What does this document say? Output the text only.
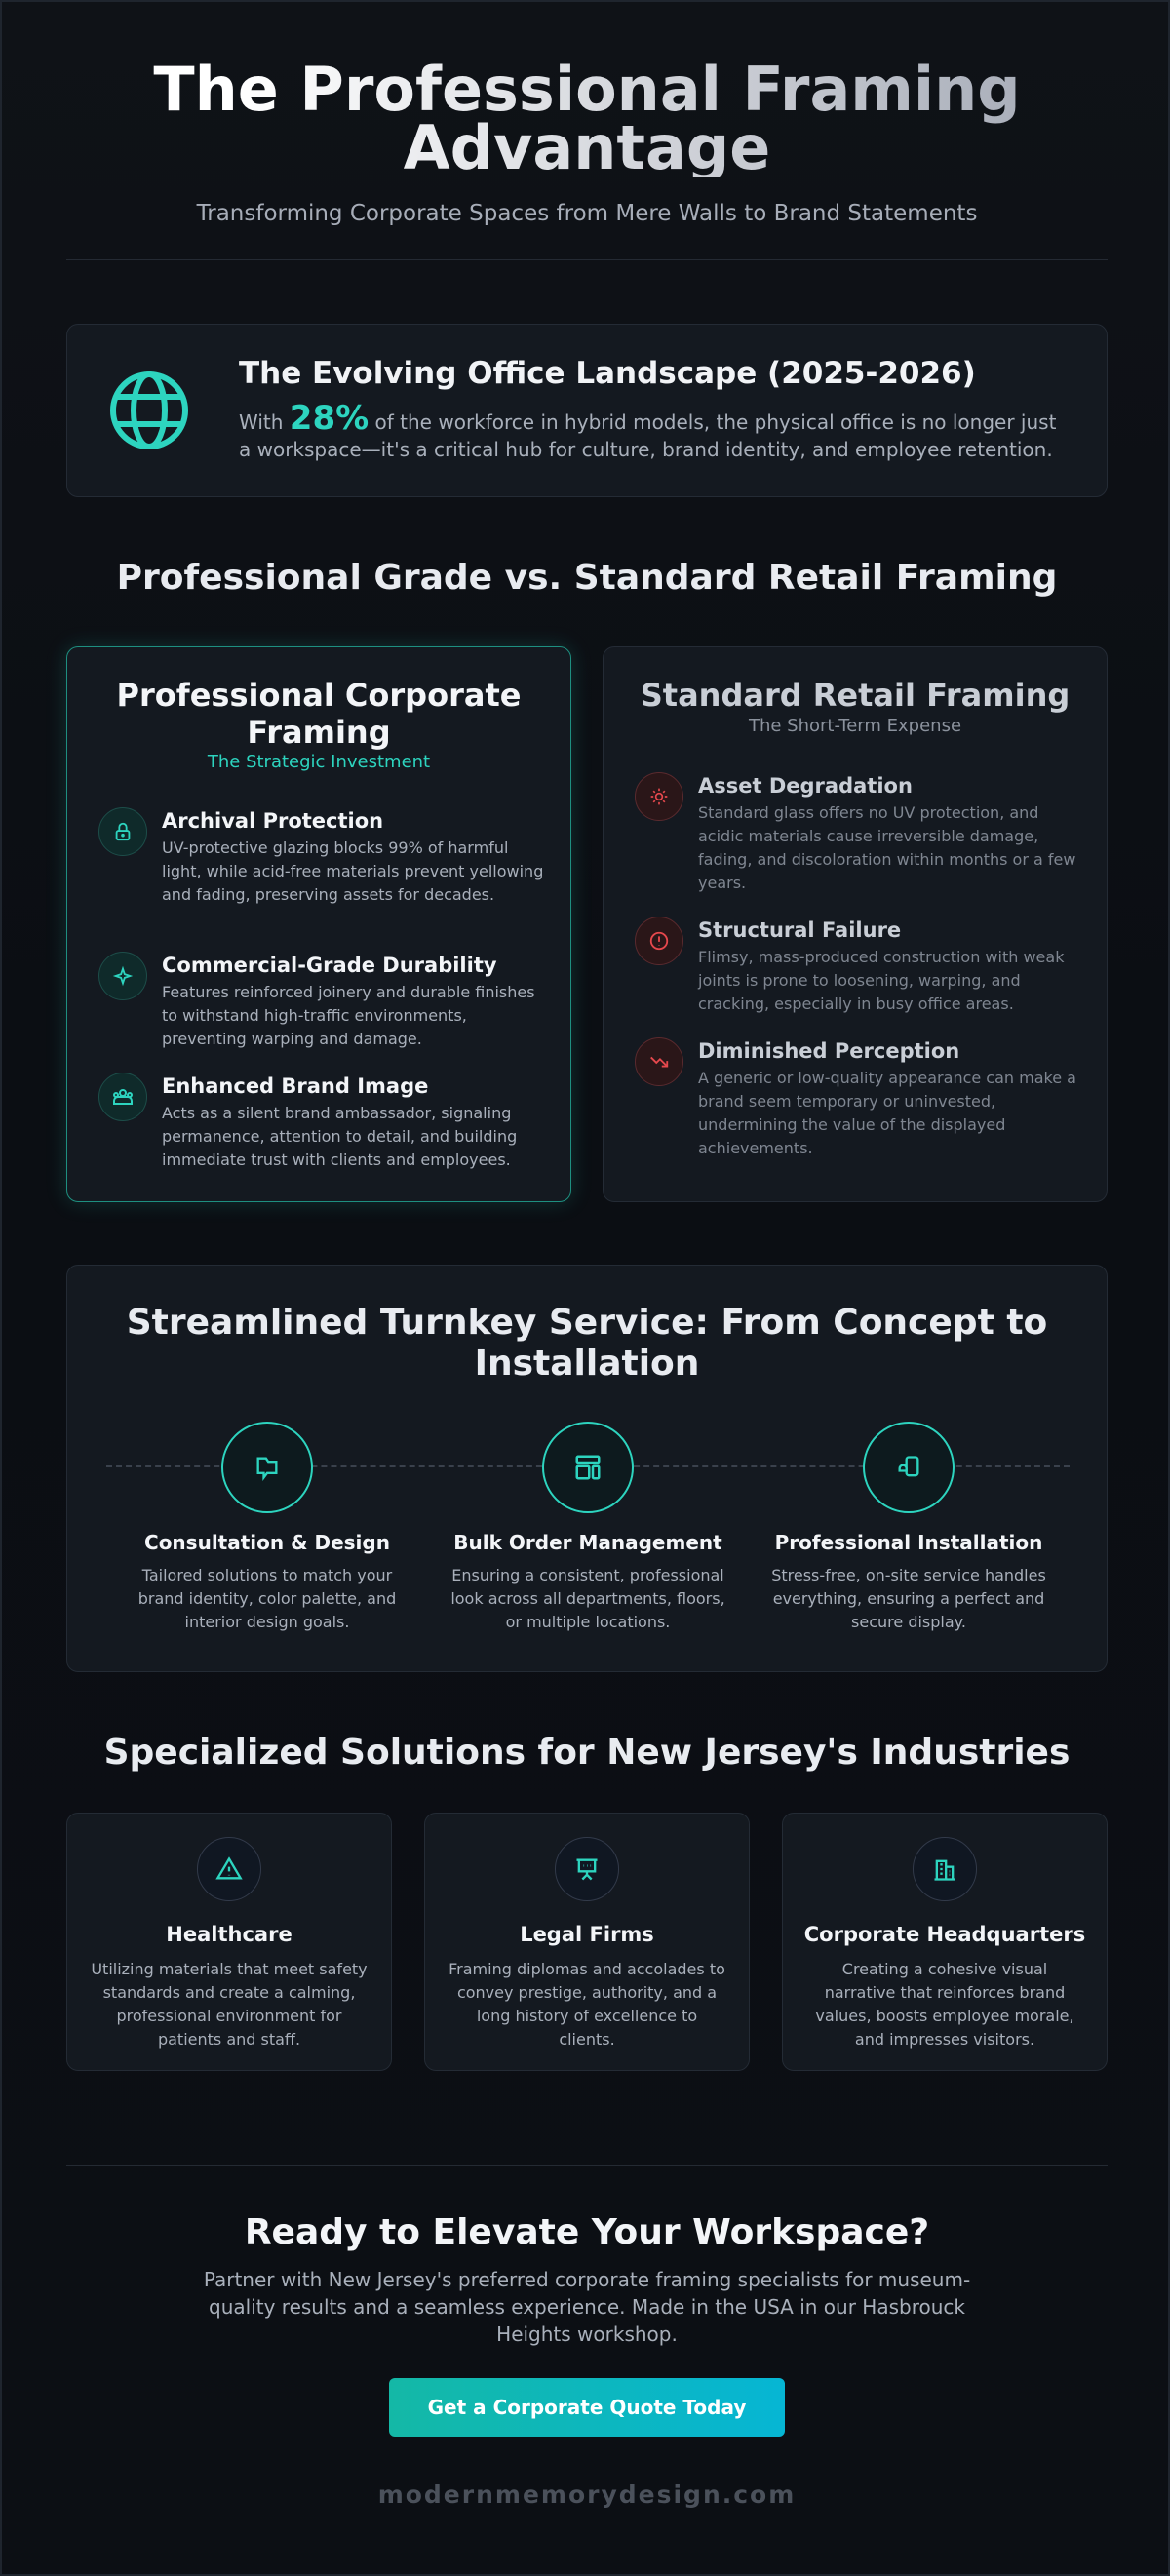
The Professional Framing
Advantage

Transforming Corporate Spaces from Mere Walls to Brand Statements

The Evolving Office Landscape (2025-2026)

With 28% of the workforce in hybrid models, the physical office is no longer just
a workspace—it's a critical hub for culture, brand identity, and employee retention.

Professional Grade vs. Standard Retail Framing
Professional Corporate
Framing

The Strategic Investment

Archival Protection
UV-protective glazing blocks 99% of harmful light, while acid-free materials prevent yellowing and fading, preserving assets for decades.
Commercial-Grade Durability
Features reinforced joinery and durable finishes to withstand high-traffic environments, preventing warping and damage.
Enhanced Brand Image
Acts as a silent brand ambassador, signaling permanence, attention to detail, and building immediate trust with clients and employees.
Standard Retail Framing

The Short-Term Expense

Asset Degradation
Standard glass offers no UV protection, and acidic materials cause irreversible damage, fading, and discoloration within months or a few years.
Structural Failure
Flimsy, mass-produced construction with weak joints is prone to loosening, warping, and cracking, especially in busy office areas.
Diminished Perception
A generic or low-quality appearance can make a brand seem temporary or uninvested, undermining the value of the displayed achievements.
Streamlined Turnkey Service: From Concept to
Installation
Consultation & Design
Tailored solutions to match your brand identity, color palette, and interior design goals.
Bulk Order Management
Ensuring a consistent, professional look across all departments, floors, or multiple locations.
Professional Installation
Stress-free, on-site service handles everything, ensuring a perfect and secure display.
Specialized Solutions for New Jersey's Industries
Healthcare
Utilizing materials that meet safety standards and create a calming, professional environment for patients and staff.
Legal Firms
Framing diplomas and accolades to convey prestige, authority, and a long history of excellence to clients.
Corporate Headquarters
Creating a cohesive visual narrative that reinforces brand values, boosts employee morale, and impresses visitors.
Ready to Elevate Your Workspace?

Partner with New Jersey's preferred corporate framing specialists for museum-quality results and a seamless experience. Made in the USA in our Hasbrouck Heights workshop.

Get a Corporate Quote Today
modernmemorydesign.com
